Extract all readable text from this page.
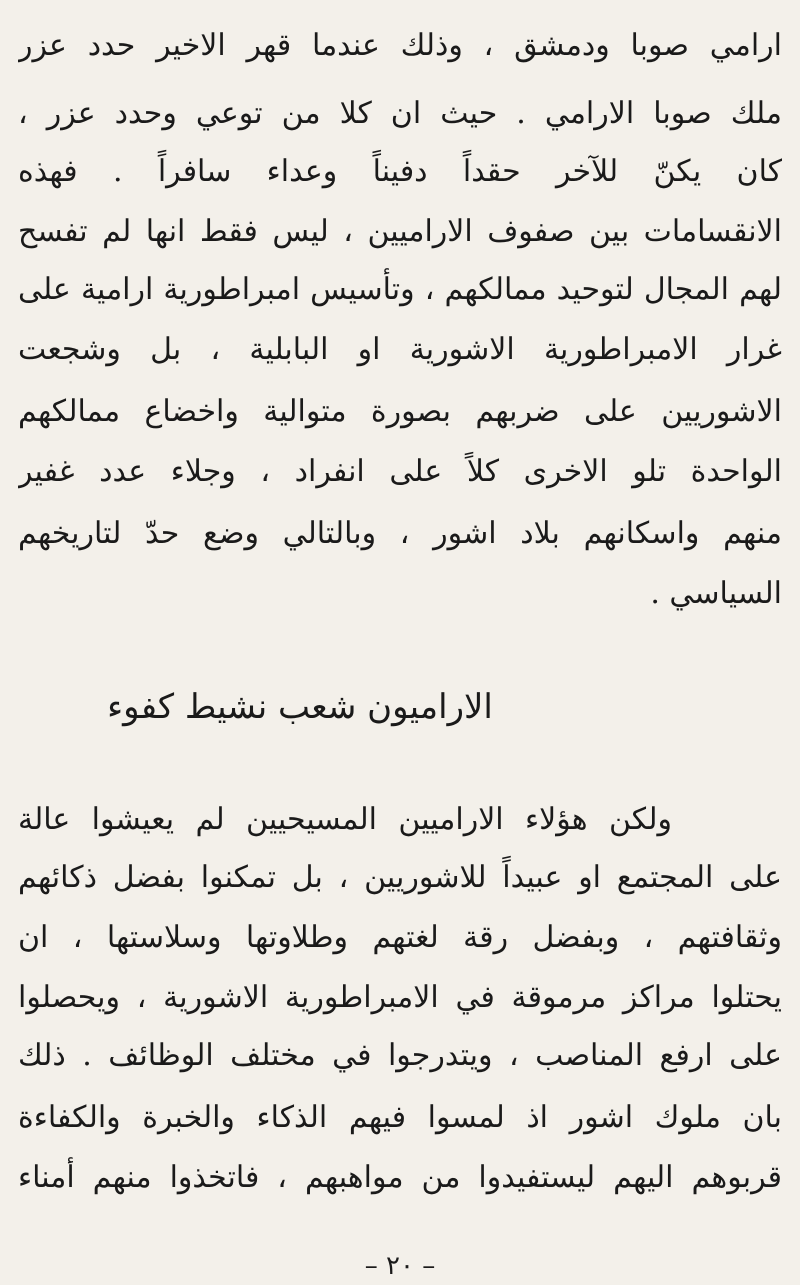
ارامي صوبا ودمشق ، وذلك عندما قهر الاخير حدد عزر
ملك صوبا الارامي . حيث ان كلا من توعي وحدد عزر ،
كان يكنّ للآخر حقداً دفيناً وعداء سافراً . فهذه
الانقسامات بين صفوف الاراميين ، ليس فقط انها لم تفسح
لهم المجال لتوحيد ممالكهم ، وتأسيس امبراطورية ارامية على
غرار الامبراطورية الاشورية او البابلية ، بل وشجعت
الاشوريين على ضربهم بصورة متوالية واخضاع ممالكهم
الواحدة تلو الاخرى كلاً على انفراد ، وجلاء عدد غفير
منهم واسكانهم بلاد اشور ، وبالتالي وضع حدّ لتاريخهم
السياسي .
الاراميون شعب نشيط كفوء
ولكن هؤلاء الاراميين المسيحيين لم يعيشوا عالة
على المجتمع او عبيداً للاشوريين ، بل تمكنوا بفضل ذكائهم
وثقافتهم ، وبفضل رقة لغتهم وطلاوتها وسلاستها ، ان
يحتلوا مراكز مرموقة في الامبراطورية الاشورية ، ويحصلوا
على ارفع المناصب ، ويتدرجوا في مختلف الوظائف . ذلك
بان ملوك اشور اذ لمسوا فيهم الذكاء والخبرة والكفاءة
قربوهم اليهم ليستفيدوا من مواهبهم ، فاتخذوا منهم أمناء
– ٢٠ –
